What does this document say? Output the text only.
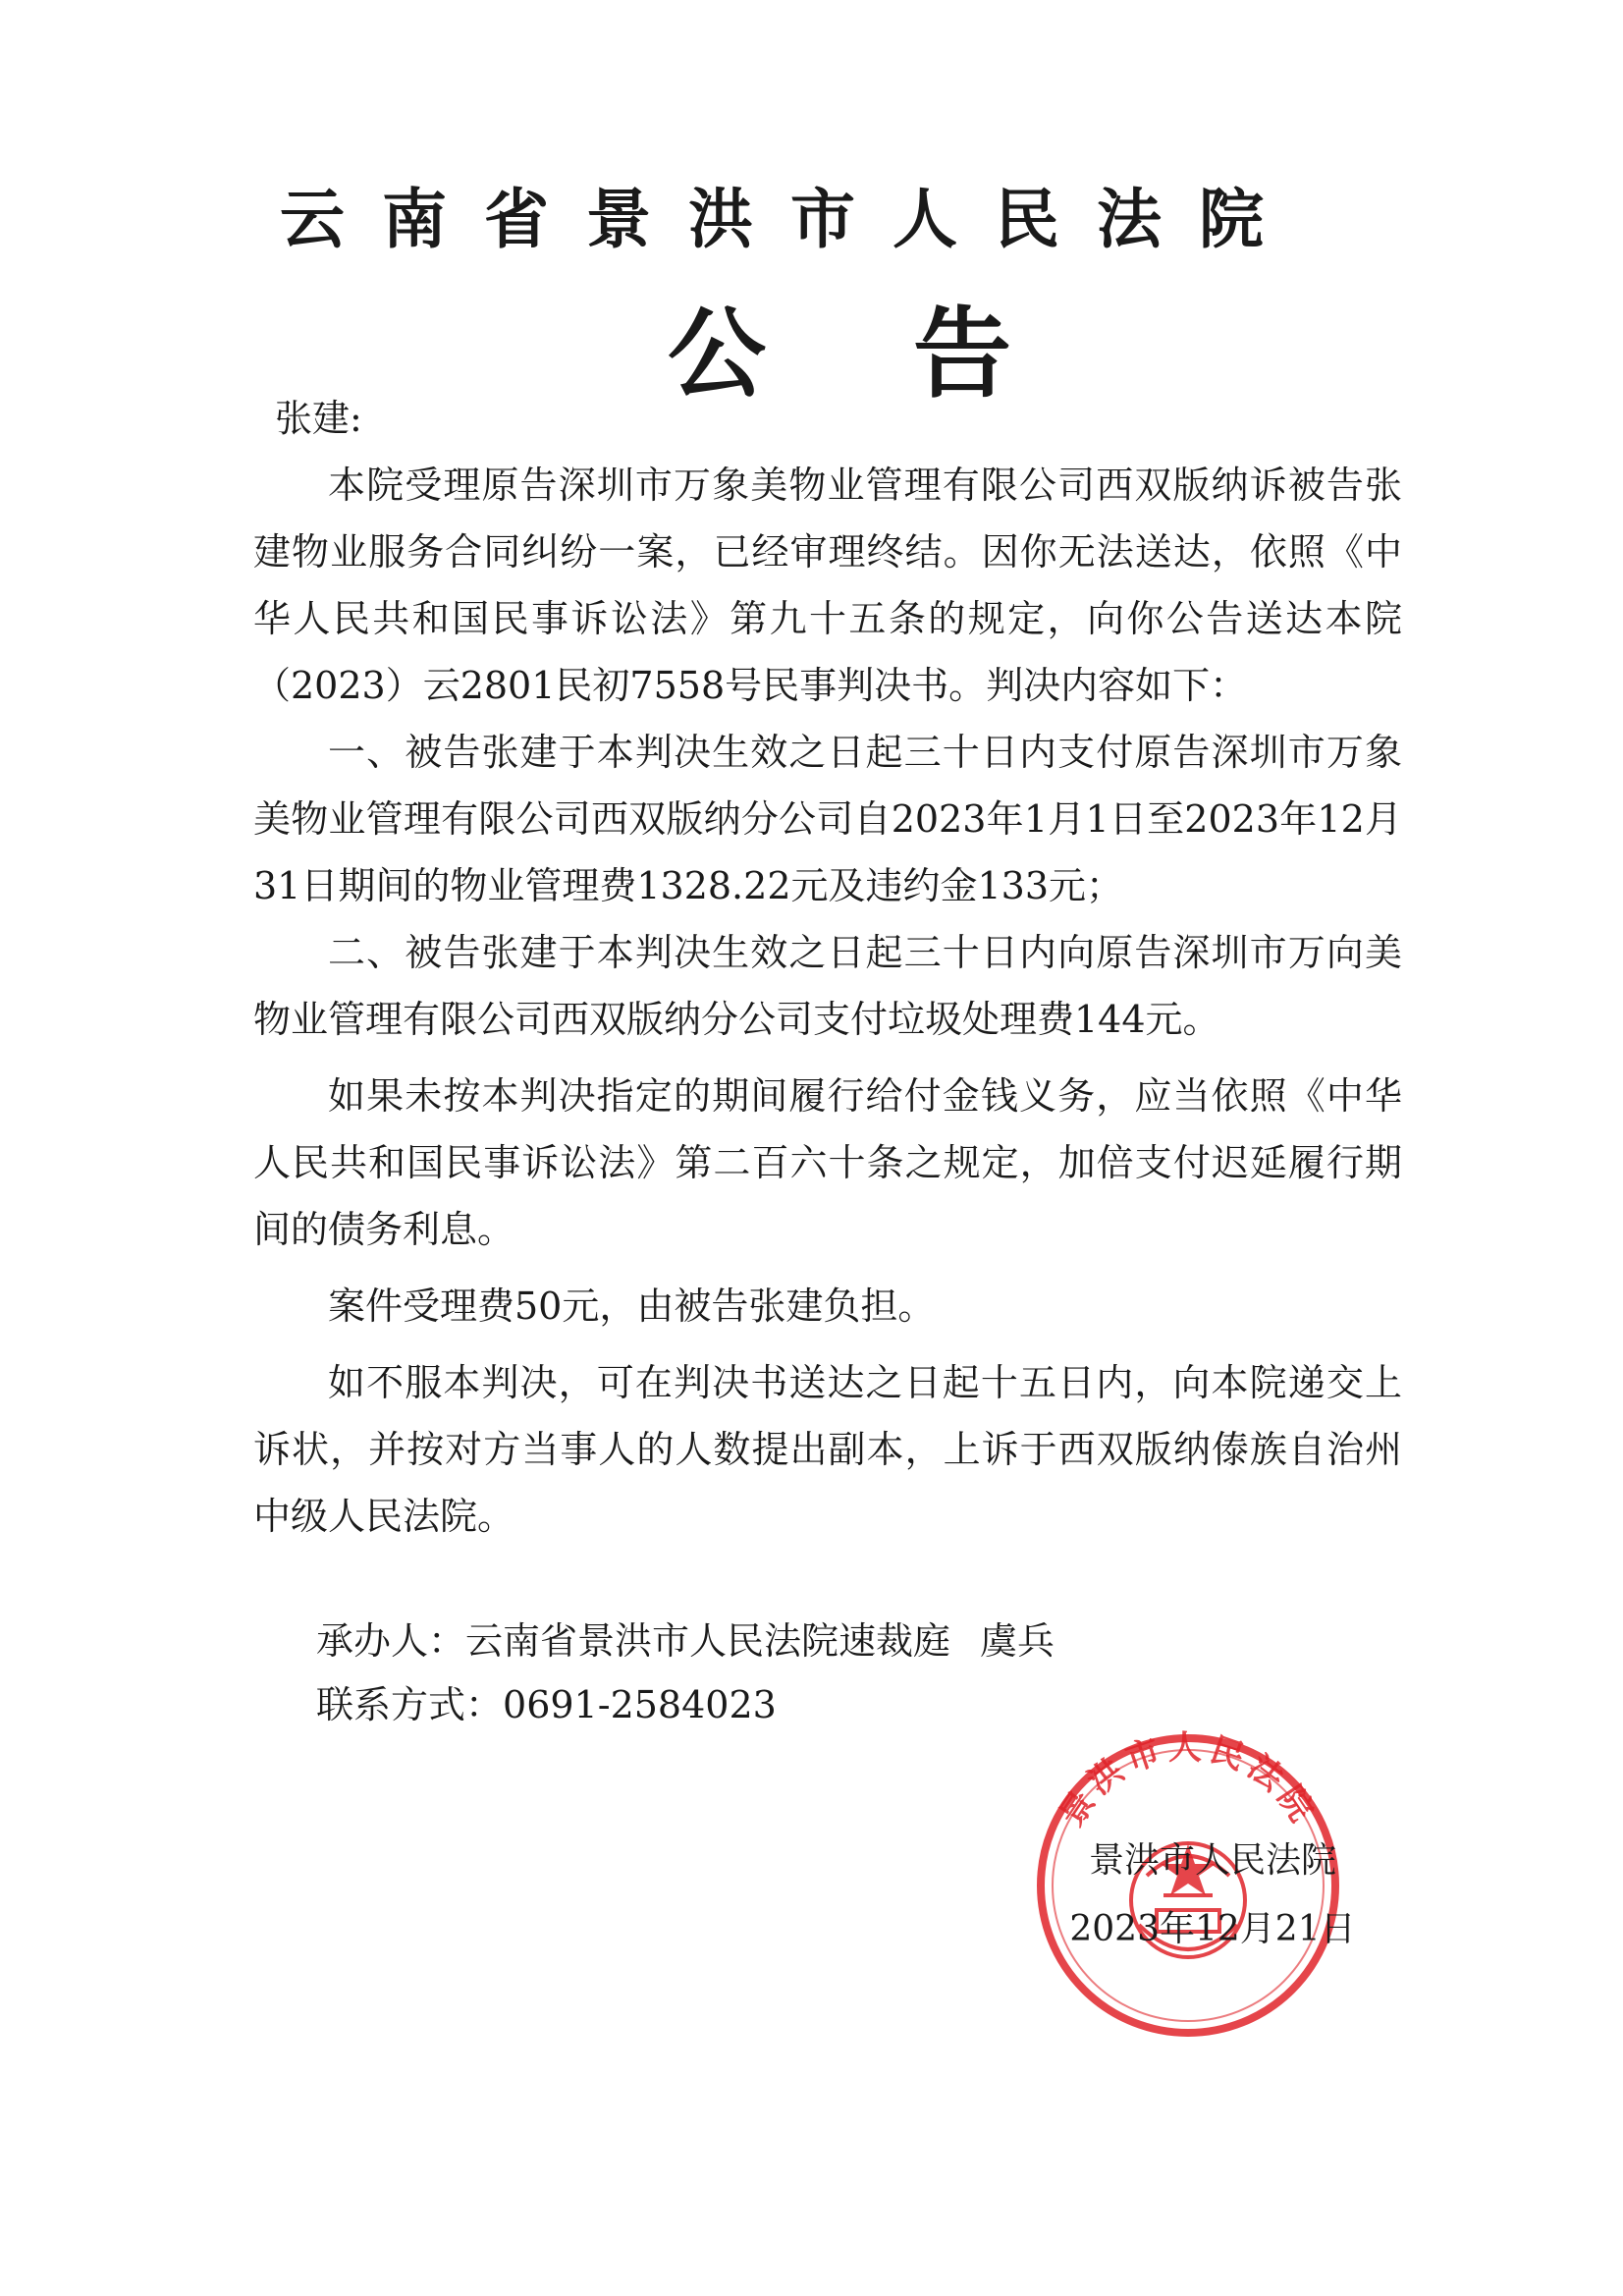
云南省景洪市人民法院
公告
张建:

本院受理原告深圳市万象美物业管理有限公司西双版纳诉被告张建物业服务合同纠纷一案，已经审理终结。因你无法送达，依照《中华人民共和国民事诉讼法》第九十五条的规定，向你公告送达本院（2023）云2801民初7558号民事判决书。判决内容如下：

一、被告张建于本判决生效之日起三十日内支付原告深圳市万象美物业管理有限公司西双版纳分公司自2023年1月1日至2023年12月31日期间的物业管理费1328.22元及违约金133元；

二、被告张建于本判决生效之日起三十日内向原告深圳市万向美物业管理有限公司西双版纳分公司支付垃圾处理费144元。

如果未按本判决指定的期间履行给付金钱义务，应当依照《中华人民共和国民事诉讼法》第二百六十条之规定，加倍支付迟延履行期间的债务利息。

案件受理费50元，由被告张建负担。

如不服本判决，可在判决书送达之日起十五日内，向本院递交上诉状，并按对方当事人的人数提出副本，上诉于西双版纳傣族自治州中级人民法院。

承办人：云南省景洪市人民法院速裁庭 虞兵
联系方式：0691-2584023
景洪市人民法院
景洪市人民法院
2023年12月21日
